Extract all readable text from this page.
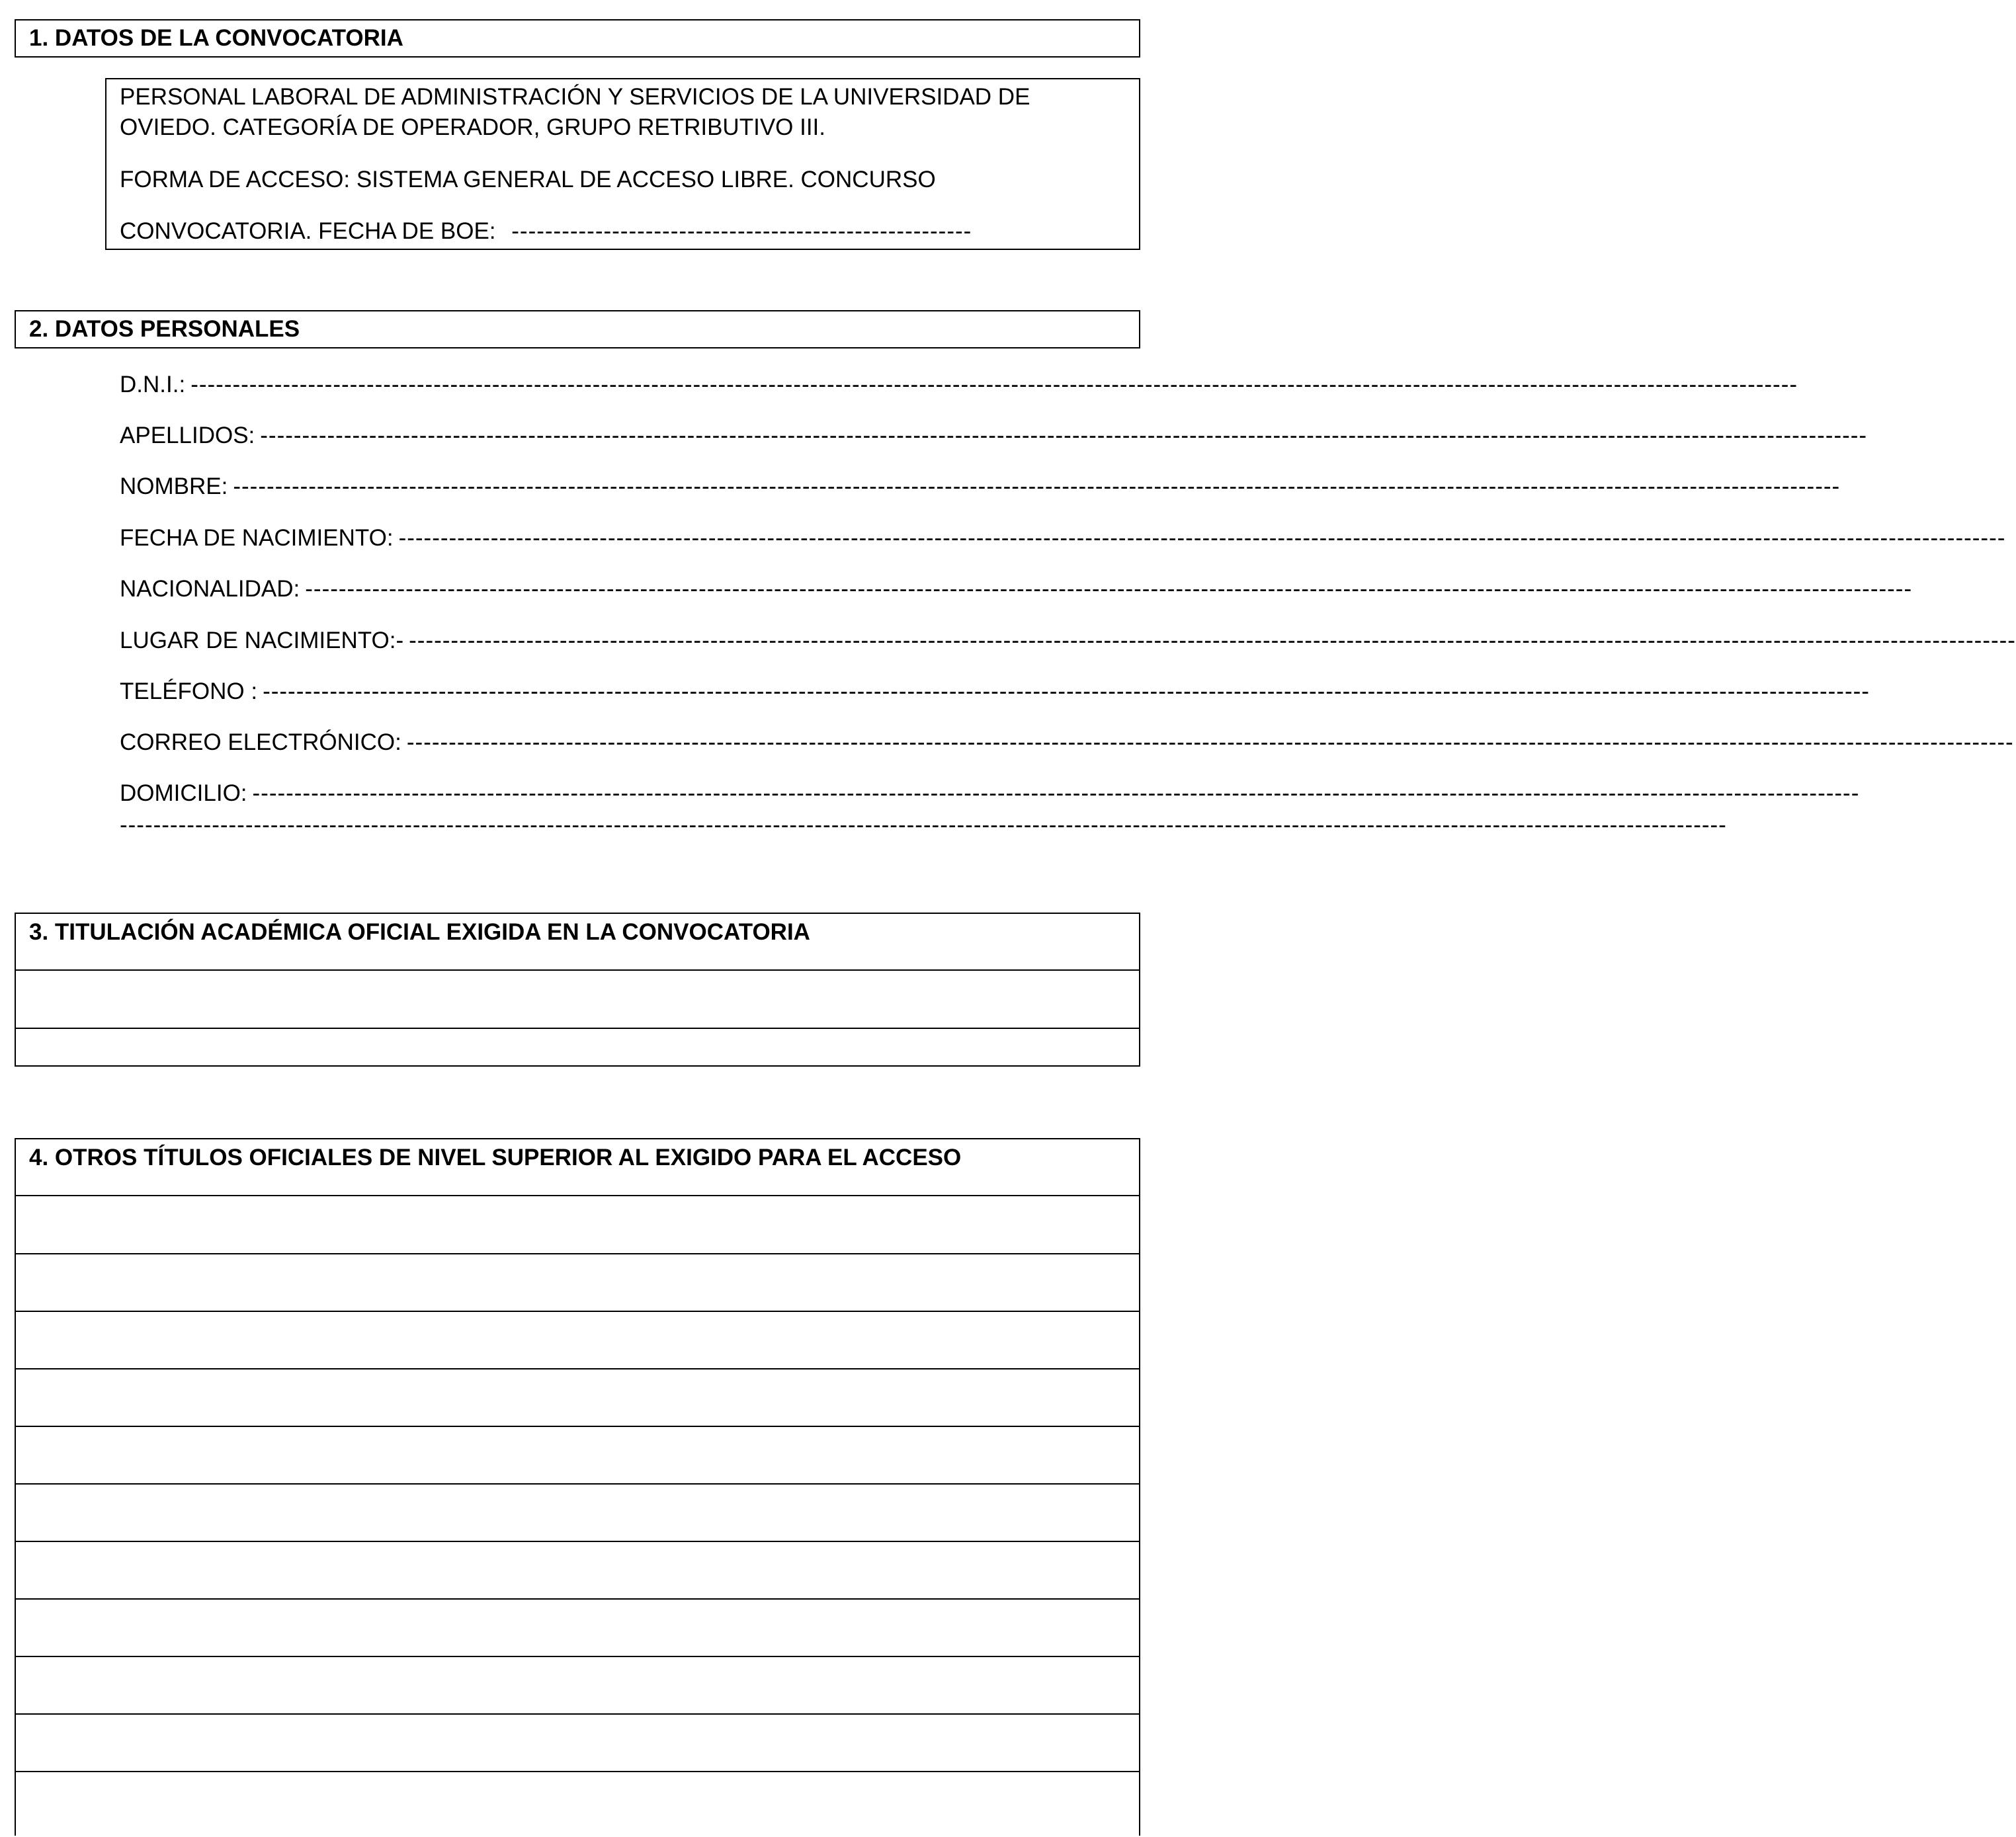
1. DATOS DE LA CONVOCATORIA
PERSONAL LABORAL DE ADMINISTRACIÓN Y SERVICIOS DE LA UNIVERSIDAD DE
OVIEDO. CATEGORÍA DE OPERADOR, GRUPO RETRIBUTIVO III.
FORMA DE ACCESO: SISTEMA GENERAL DE ACCESO LIBRE. CONCURSO
CONVOCATORIA. FECHA DE BOE: -------------------------------------------------------
2. DATOS PERSONALES
D.N.I.: ------------------------------------------------------------------------------------------------------------------------------------------------------------------------------------------------
APELLIDOS: ------------------------------------------------------------------------------------------------------------------------------------------------------------------------------------------------
NOMBRE: ------------------------------------------------------------------------------------------------------------------------------------------------------------------------------------------------
FECHA DE NACIMIENTO: ------------------------------------------------------------------------------------------------------------------------------------------------------------------------------------------------
NACIONALIDAD: ------------------------------------------------------------------------------------------------------------------------------------------------------------------------------------------------
LUGAR DE NACIMIENTO:- ------------------------------------------------------------------------------------------------------------------------------------------------------------------------------------------------
TELÉFONO : ------------------------------------------------------------------------------------------------------------------------------------------------------------------------------------------------
CORREO ELECTRÓNICO: ------------------------------------------------------------------------------------------------------------------------------------------------------------------------------------------------
DOMICILIO: ------------------------------------------------------------------------------------------------------------------------------------------------------------------------------------------------
------------------------------------------------------------------------------------------------------------------------------------------------------------------------------------------------
3. TITULACIÓN ACADÉMICA OFICIAL EXIGIDA EN LA CONVOCATORIA
4. OTROS TÍTULOS OFICIALES DE NIVEL SUPERIOR AL EXIGIDO PARA EL ACCESO
